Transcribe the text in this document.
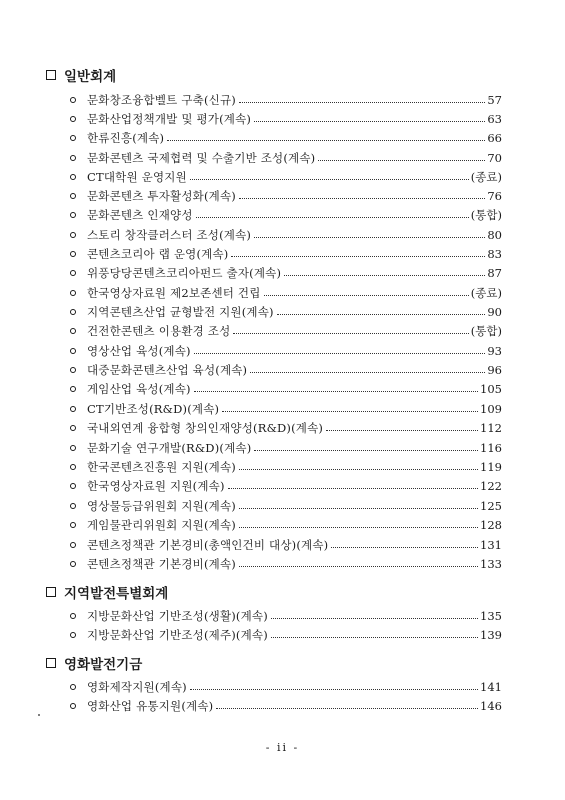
일반회계
문화창조융합벨트 구축(신규)	57
문화산업정책개발 및 평가(계속)	63
한류진흥(계속)	66
문화콘텐츠 국제협력 및 수출기반 조성(계속)	70
CT대학원 운영지원	(종료)
문화콘텐츠 투자활성화(계속)	76
문화콘텐츠 인재양성	(통합)
스토리 창작클러스터 조성(계속)	80
콘텐츠코리아 랩 운영(계속)	83
위풍당당콘텐츠코리아펀드 출자(계속)	87
한국영상자료원 제2보존센터 건립	(종료)
지역콘텐츠산업 균형발전 지원(계속)	90
건전한콘텐츠 이용환경 조성	(통합)
영상산업 육성(계속)	93
대중문화콘텐츠산업 육성(계속)	96
게임산업 육성(계속)	105
CT기반조성(R&D)(계속)	109
국내외연계 융합형 창의인재양성(R&D)(계속)	112
문화기술 연구개발(R&D)(계속)	116
한국콘텐츠진흥원 지원(계속)	119
한국영상자료원 지원(계속)	122
영상물등급위원회 지원(계속)	125
게임물관리위원회 지원(계속)	128
콘텐츠정책관 기본경비(총액인건비 대상)(계속)	131
콘텐츠정책관 기본경비(계속)	133
지역발전특별회계
지방문화산업 기반조성(생활)(계속)	135
지방문화산업 기반조성(제주)(계속)	139
영화발전기금
영화제작지원(계속)	141
영화산업 유통지원(계속)	146
- ii -
